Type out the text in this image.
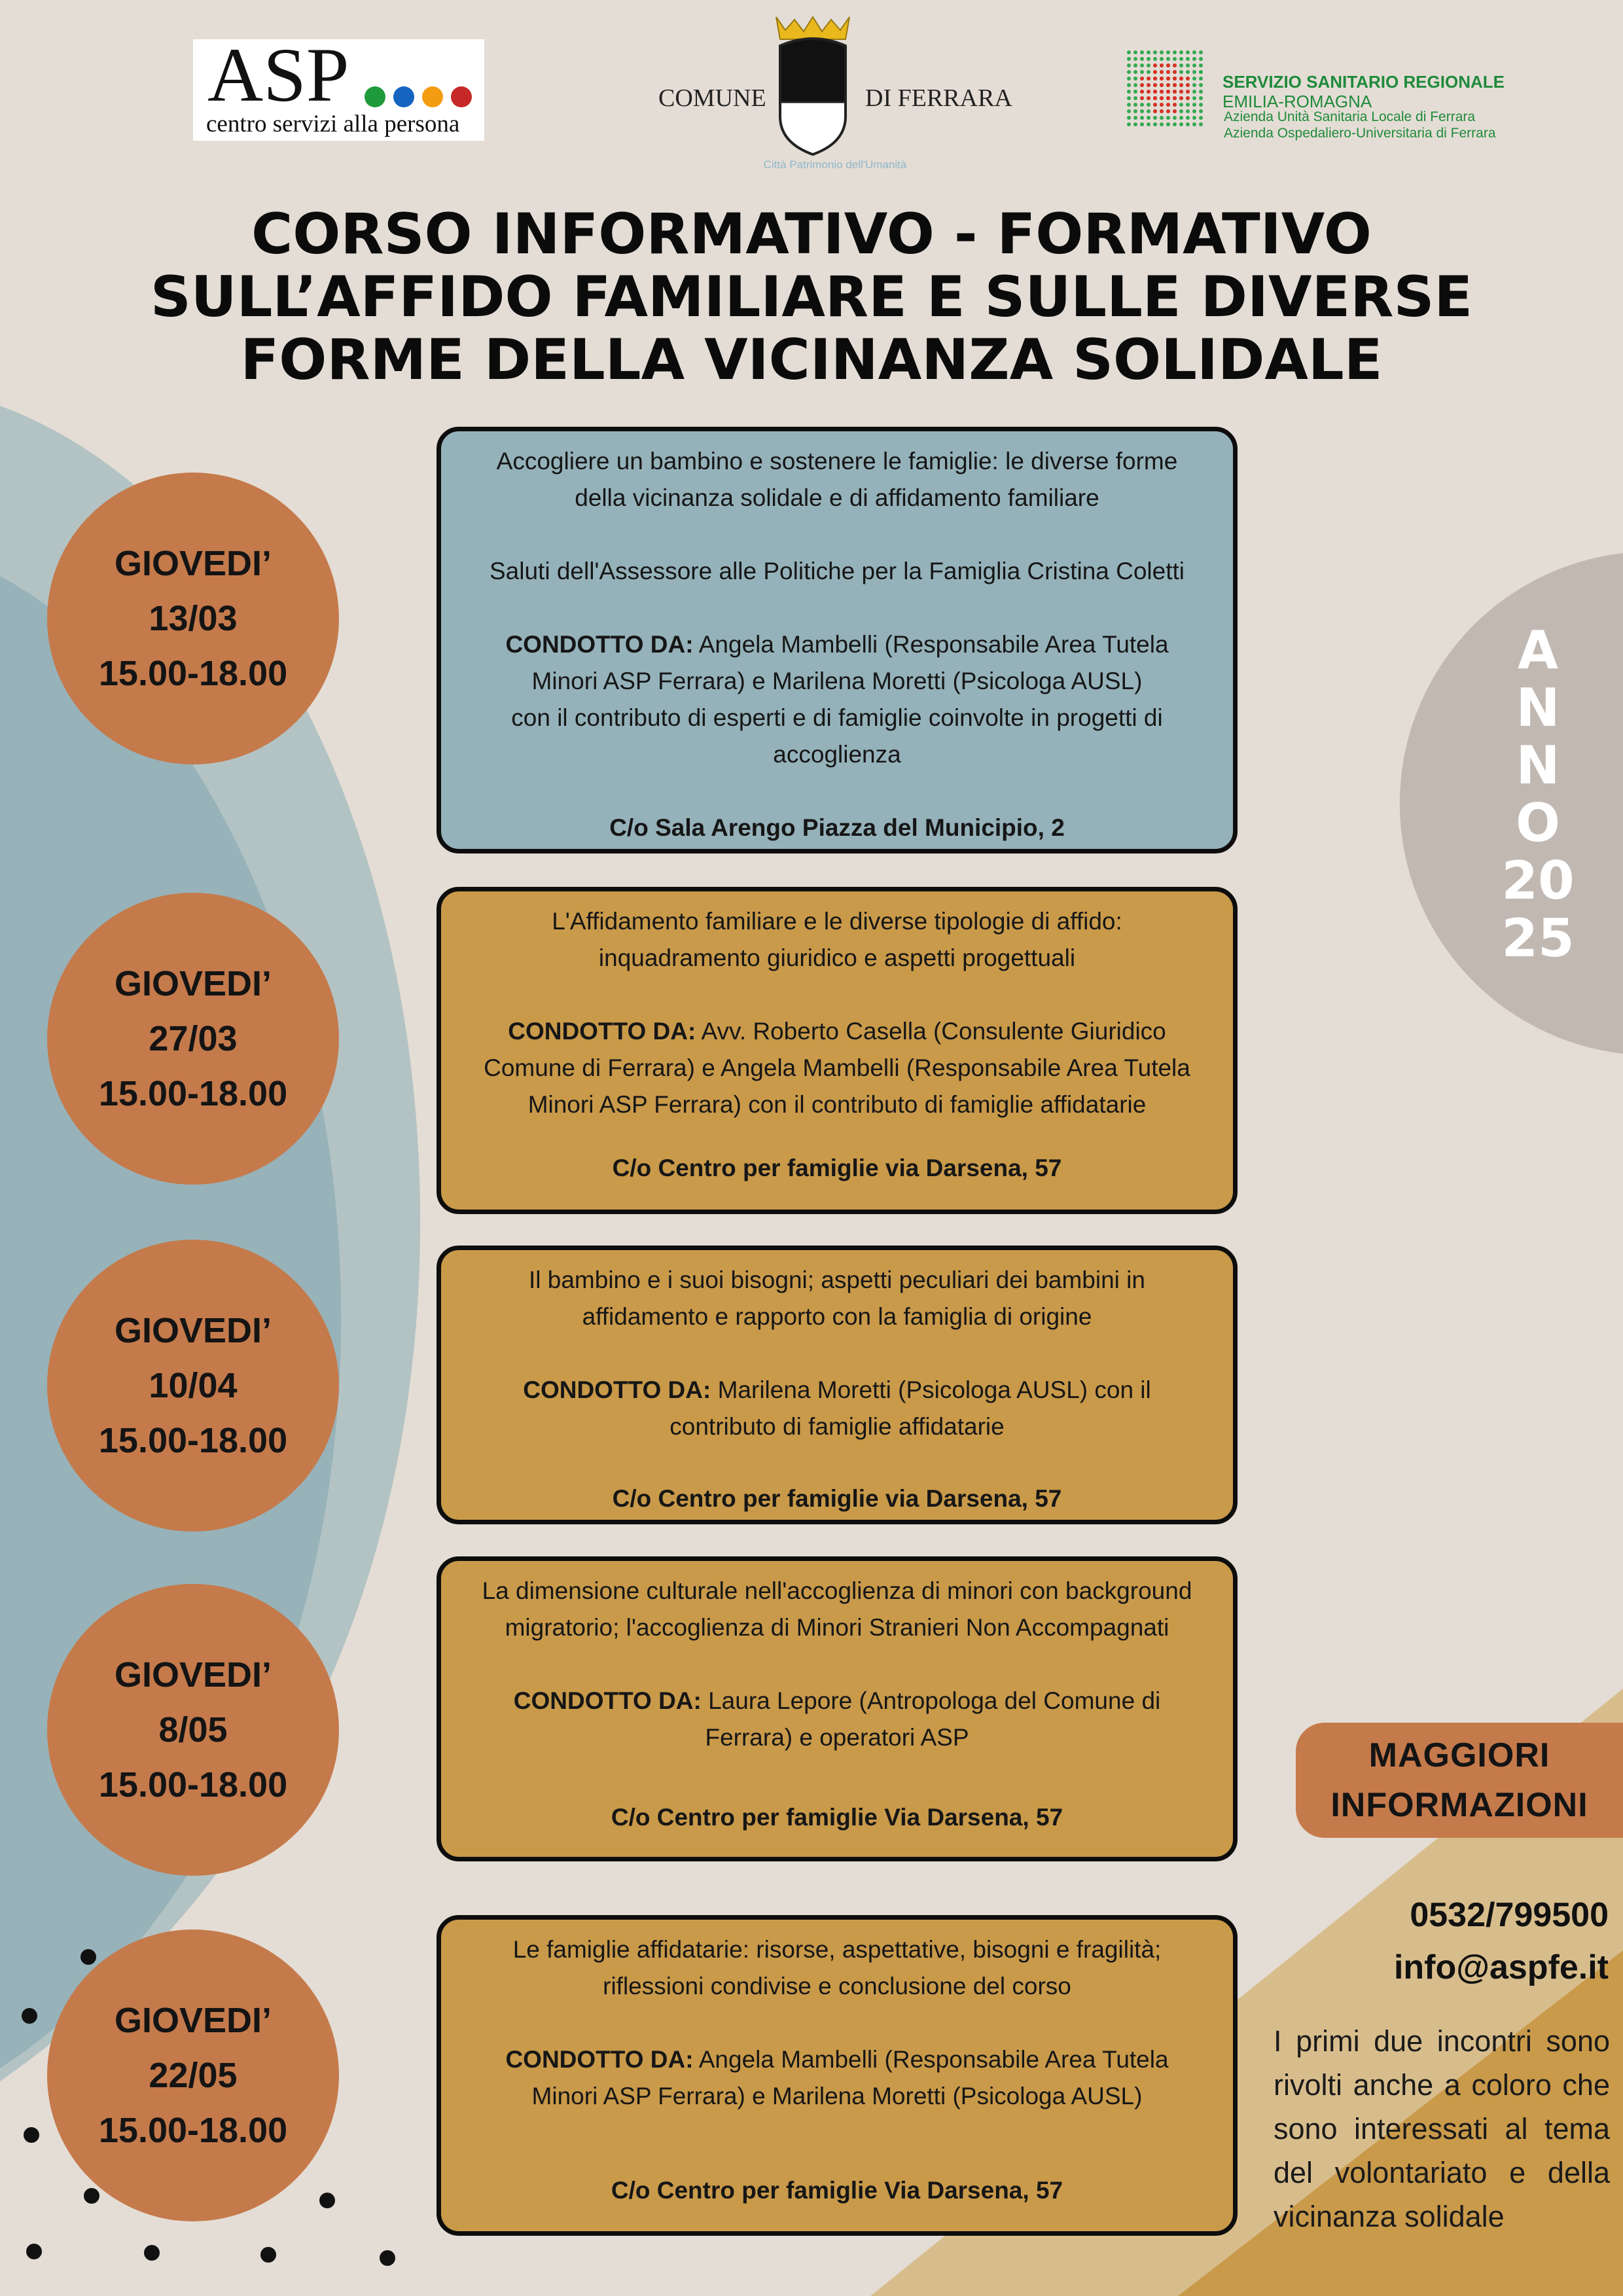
ASP
centro servizi alla persona
COMUNE	DI FERRARA
Città Patrimonio dell'Umanità
SERVIZIO SANITARIO REGIONALE
EMILIA-ROMAGNA
Azienda Unità Sanitaria Locale di Ferrara
Azienda Ospedaliero-Universitaria di Ferrara
CORSO INFORMATIVO - FORMATIVO
SULL’AFFIDO FAMILIARE E SULLE DIVERSE
FORME DELLA VICINANZA SOLIDALE
GIOVEDI’
13/03
15.00-18.00

Accogliere un bambino e sostenere le famiglie: le diverse forme
della vicinanza solidale e di affidamento familiare

Saluti dell'Assessore alle Politiche per la Famiglia Cristina Coletti

CONDOTTO DA: Angela Mambelli (Responsabile Area Tutela
Minori ASP Ferrara) e Marilena Moretti (Psicologa AUSL)
con il contributo di esperti e di famiglie coinvolte in progetti di
accoglienza

C/o Sala Arengo Piazza del Municipio, 2
GIOVEDI’
27/03
15.00-18.00

L'Affidamento familiare e le diverse tipologie di affido:
inquadramento giuridico e aspetti progettuali

CONDOTTO DA: Avv. Roberto Casella (Consulente Giuridico
Comune di Ferrara) e Angela Mambelli (Responsabile Area Tutela
Minori ASP Ferrara) con il contributo di famiglie affidatarie

C/o Centro per famiglie via Darsena, 57
GIOVEDI’
10/04
15.00-18.00

Il bambino e i suoi bisogni; aspetti peculiari dei bambini in
affidamento e rapporto con la famiglia di origine

CONDOTTO DA: Marilena Moretti (Psicologa AUSL) con il
contributo di famiglie affidatarie

C/o Centro per famiglie via Darsena, 57
GIOVEDI’
8/05
15.00-18.00

La dimensione culturale nell'accoglienza di minori con background
migratorio; l'accoglienza di Minori Stranieri Non Accompagnati

CONDOTTO DA: Laura Lepore (Antropologa del Comune di
Ferrara) e operatori ASP

C/o Centro per famiglie Via Darsena, 57
GIOVEDI’
22/05
15.00-18.00

Le famiglie affidatarie: risorse, aspettative, bisogni e fragilità;
riflessioni condivise e conclusione del corso

CONDOTTO DA: Angela Mambelli (Responsabile Area Tutela
Minori ASP Ferrara) e Marilena Moretti (Psicologa AUSL)

C/o Centro per famiglie Via Darsena, 57
A
N
N
O
20
25
MAGGIORI
INFORMAZIONI
0532/799500
info@aspfe.it
I primi due incontri sono rivolti anche a coloro che sono interessati al tema del volontariato e della vicinanza solidale
